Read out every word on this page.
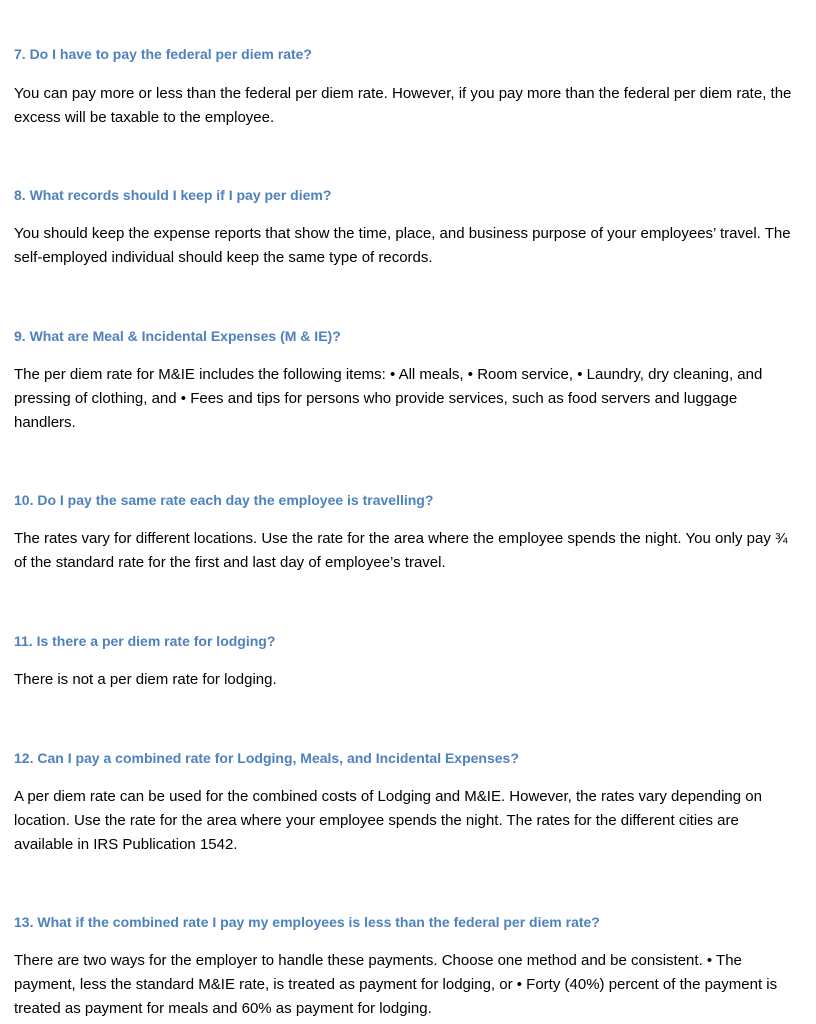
7. Do I have to pay the federal per diem rate?

You can pay more or less than the federal per diem rate. However, if you pay more than the federal per diem rate, the excess will be taxable to the employee.

8. What records should I keep if I pay per diem?

You should keep the expense reports that show the time, place, and business purpose of your employees’ travel. The self-employed individual should keep the same type of records.

9. What are Meal & Incidental Expenses (M & IE)?

The per diem rate for M&IE includes the following items: • All meals, • Room service, • Laundry, dry cleaning, and pressing of clothing, and • Fees and tips for persons who provide services, such as food servers and luggage handlers.

10. Do I pay the same rate each day the employee is travelling?

The rates vary for different locations. Use the rate for the area where the employee spends the night. You only pay ¾ of the standard rate for the first and last day of employee’s travel.

11. Is there a per diem rate for lodging?

There is not a per diem rate for lodging.

12. Can I pay a combined rate for Lodging, Meals, and Incidental Expenses?

A per diem rate can be used for the combined costs of Lodging and M&IE. However, the rates vary depending on location. Use the rate for the area where your employee spends the night. The rates for the different cities are available in IRS Publication 1542.

13. What if the combined rate I pay my employees is less than the federal per diem rate?

There are two ways for the employer to handle these payments. Choose one method and be consistent. • The payment, less the standard M&IE rate, is treated as payment for lodging, or • Forty (40%) percent of the payment is treated as payment for meals and 60% as payment for lodging.
